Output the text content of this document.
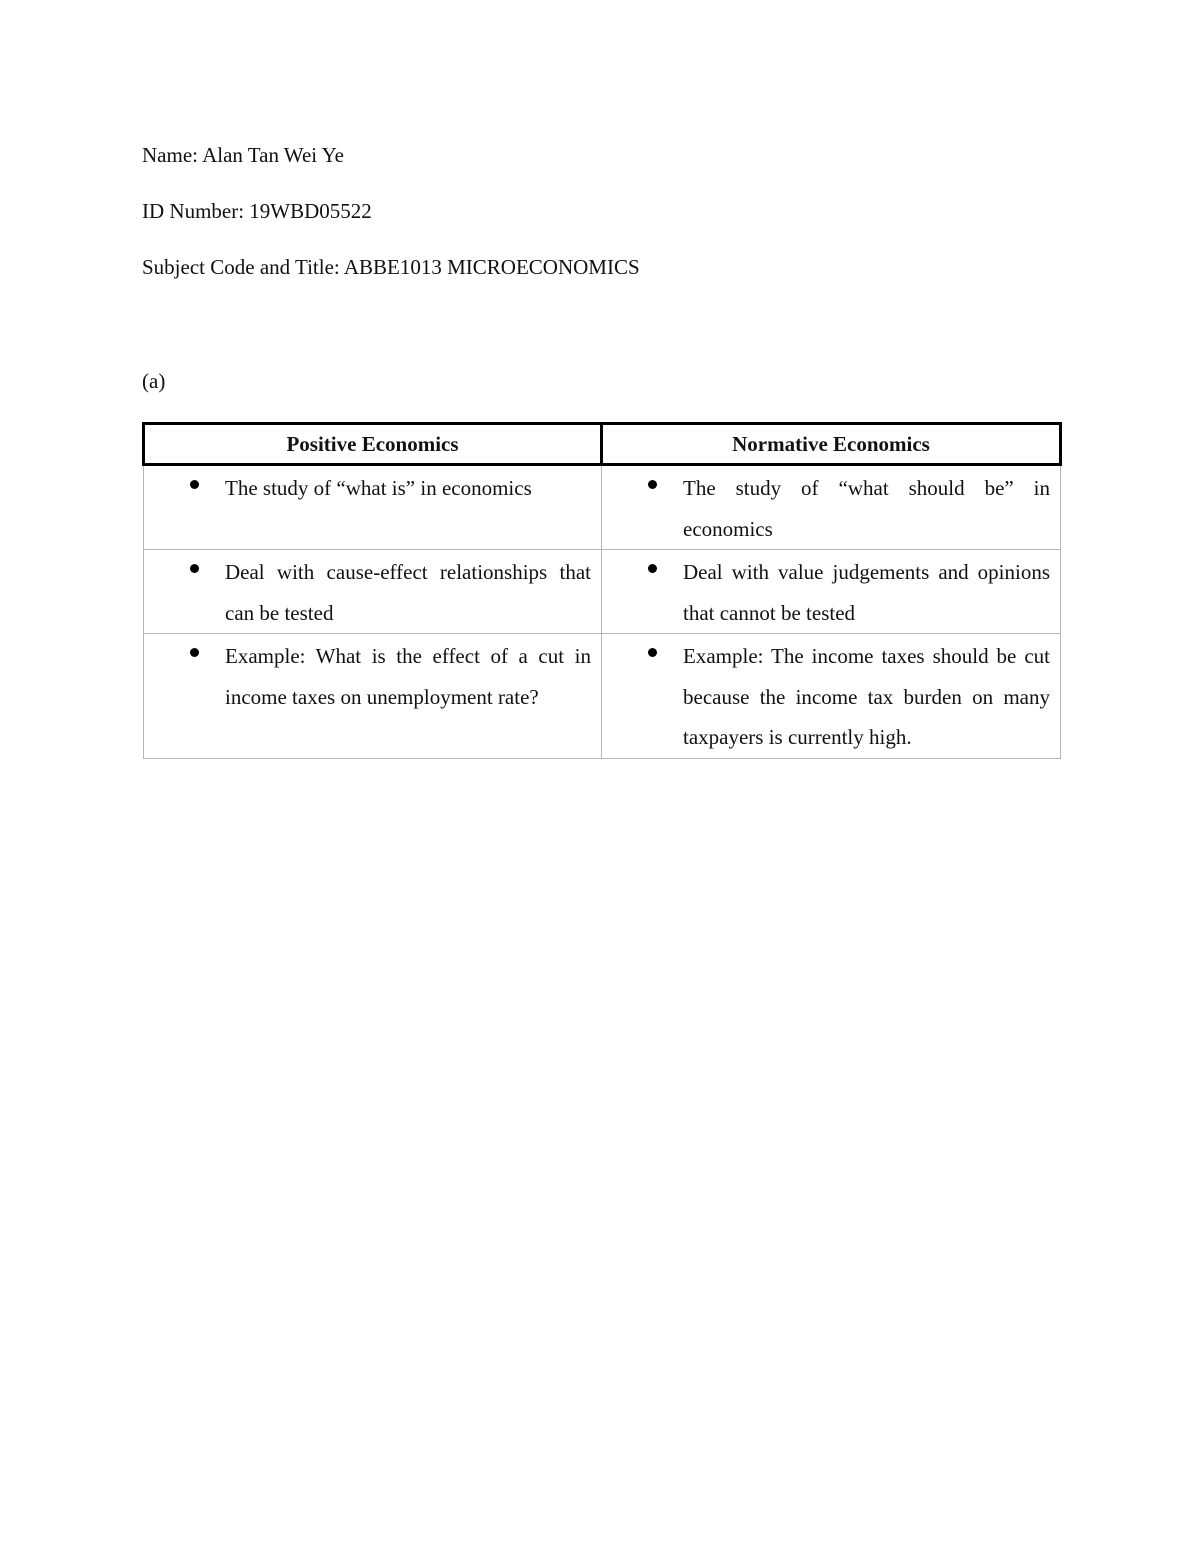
Name: Alan Tan Wei Ye
ID Number: 19WBD05522
Subject Code and Title: ABBE1013 MICROECONOMICS
(a)
Positive Economics	Normative Economics

The study of “what is” in economics	The study of “what should be” in economics

Deal with cause-effect relationships that can be tested	Deal with value judgements and opinions that cannot be tested

Example: What is the effect of a cut in income taxes on unemployment rate?	Example: The income taxes should be cut because the income tax burden on many taxpayers is currently high.
